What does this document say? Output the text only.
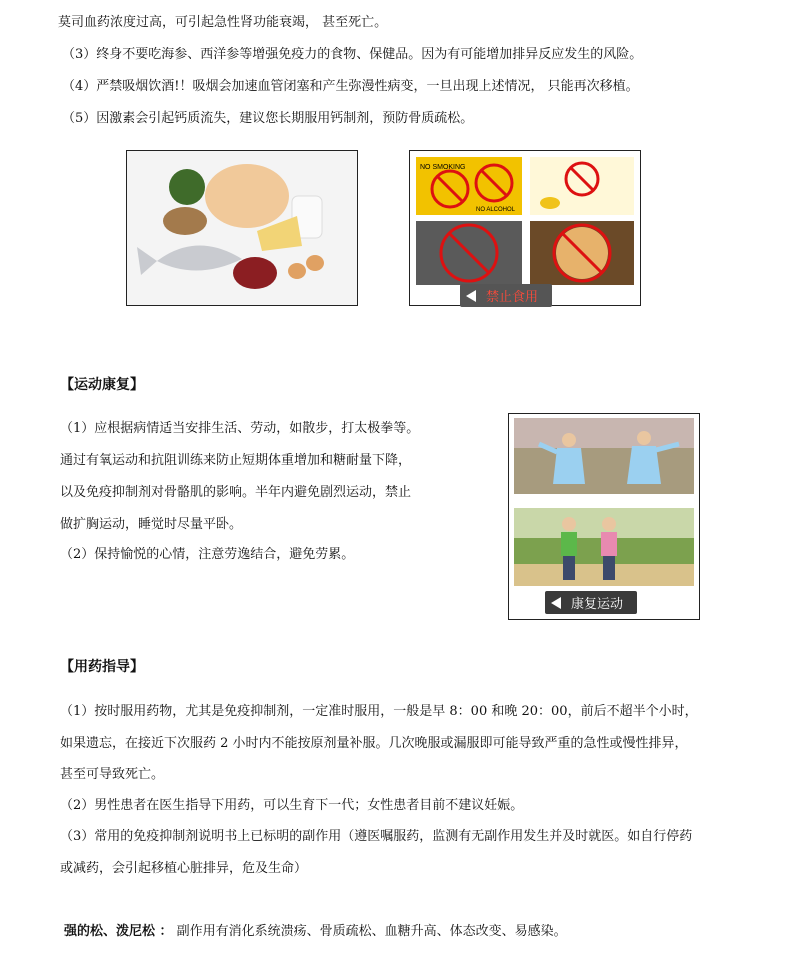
莫司血药浓度过高，可引起急性肾功能衰竭， 甚至死亡。
（3）终身不要吃海参、西洋参等增强免疫力的食物、保健品。因为有可能增加排异反应发生的风险。
（4）严禁吸烟饮酒!！吸烟会加速血管闭塞和产生弥漫性病变，一旦出现上述情况， 只能再次移植。
（5）因激素会引起钙质流失，建议您长期服用钙制剂，预防骨质疏松。
NO SMOKING
NO ALCOHOL
禁止食用
【运动康复】
（1）应根据病情适当安排生活、劳动，如散步，打太极拳等。
通过有氧运动和抗阻训练来防止短期体重增加和糖耐量下降，
以及免疫抑制剂对骨骼肌的影响。半年内避免剧烈运动，禁止
做扩胸运动，睡觉时尽量平卧。
（2）保持愉悦的心情，注意劳逸结合，避免劳累。
康复运动
【用药指导】
（1）按时服用药物，尤其是免疫抑制剂，一定准时服用，一般是早 8：00 和晚 20：00，前后不超半个小时，
如果遗忘，在接近下次服药 2 小时内不能按原剂量补服。几次晚服或漏服即可能导致严重的急性或慢性排异，
甚至可导致死亡。
（2）男性患者在医生指导下用药，可以生育下一代；女性患者目前不建议妊娠。
（3）常用的免疫抑制剂说明书上已标明的副作用（遵医嘱服药，监测有无副作用发生并及时就医。如自行停药
或减药，会引起移植心脏排异，危及生命）
强的松、泼尼松 ： 副作用有消化系统溃疡、骨质疏松、血糖升高、体态改变、易感染。
